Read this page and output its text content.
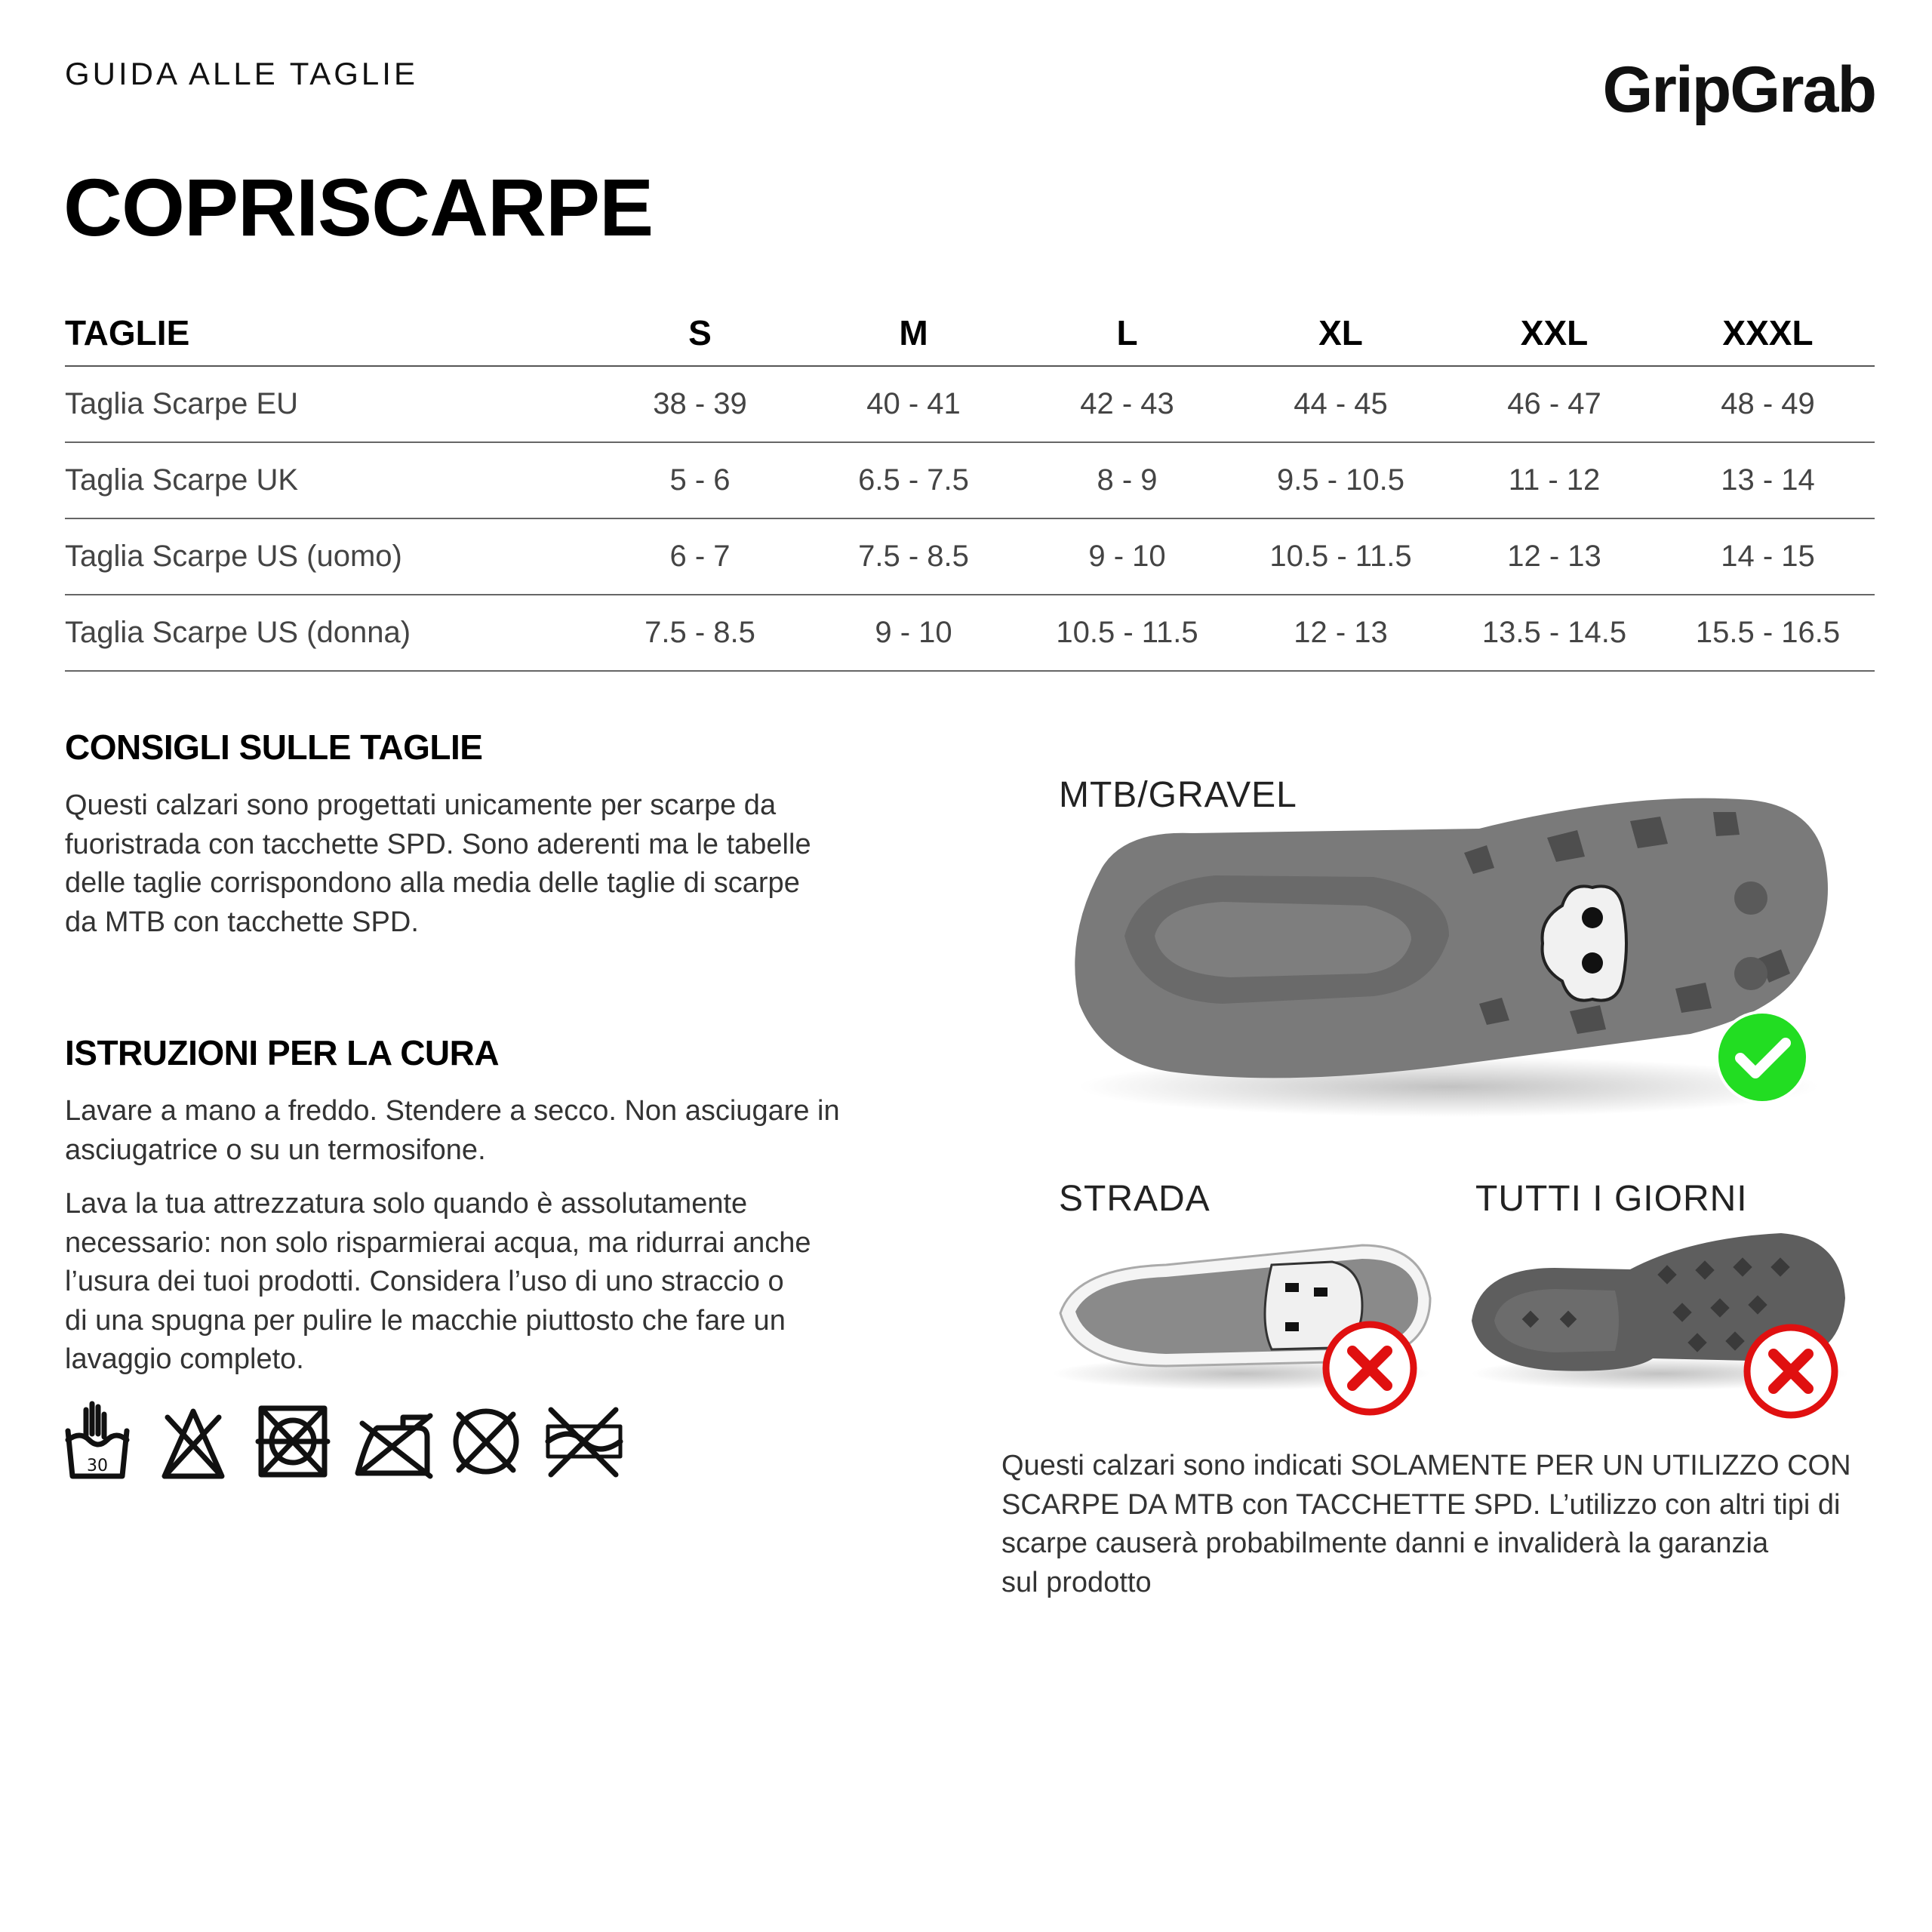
GUIDA ALLE TAGLIE	GripGrab
COPRISCARPE
TAGLIE	S	M	L	XL	XXL	XXXL
Taglia Scarpe EU	38 - 39	40 - 41	42 - 43	44 - 45	46 - 47	48 - 49
Taglia Scarpe UK	5 - 6	6.5 - 7.5	8 - 9	9.5 - 10.5	11 - 12	13 - 14
Taglia Scarpe US (uomo)	6 - 7	7.5 - 8.5	9 - 10	10.5 - 11.5	12 - 13	14 - 15
Taglia Scarpe US (donna)	7.5 - 8.5	9 - 10	10.5 - 11.5	12 - 13	13.5 - 14.5	15.5 - 16.5
CONSIGLI SULLE TAGLIE
Questi calzari sono progettati unicamente per scarpe da
fuoristrada con tacchette SPD. Sono aderenti ma le tabelle
delle taglie corrispondono alla media delle taglie di scarpe
da MTB con tacchette SPD.
ISTRUZIONI PER LA CURA
Lavare a mano a freddo. Stendere a secco. Non asciugare in
asciugatrice o su un termosifone.
Lava la tua attrezzatura solo quando è assolutamente
necessario: non solo risparmierai acqua, ma ridurrai anche
l’usura dei tuoi prodotti. Considera l’uso di uno straccio o
di una spugna per pulire le macchie piuttosto che fare un
lavaggio completo.
30
MTB/GRAVEL
STRADA	TUTTI I GIORNI
Questi calzari sono indicati SOLAMENTE PER UN UTILIZZO CON
SCARPE DA MTB con TACCHETTE SPD. L’utilizzo con altri tipi di
scarpe causerà probabilmente danni e invaliderà la garanzia
sul prodotto
